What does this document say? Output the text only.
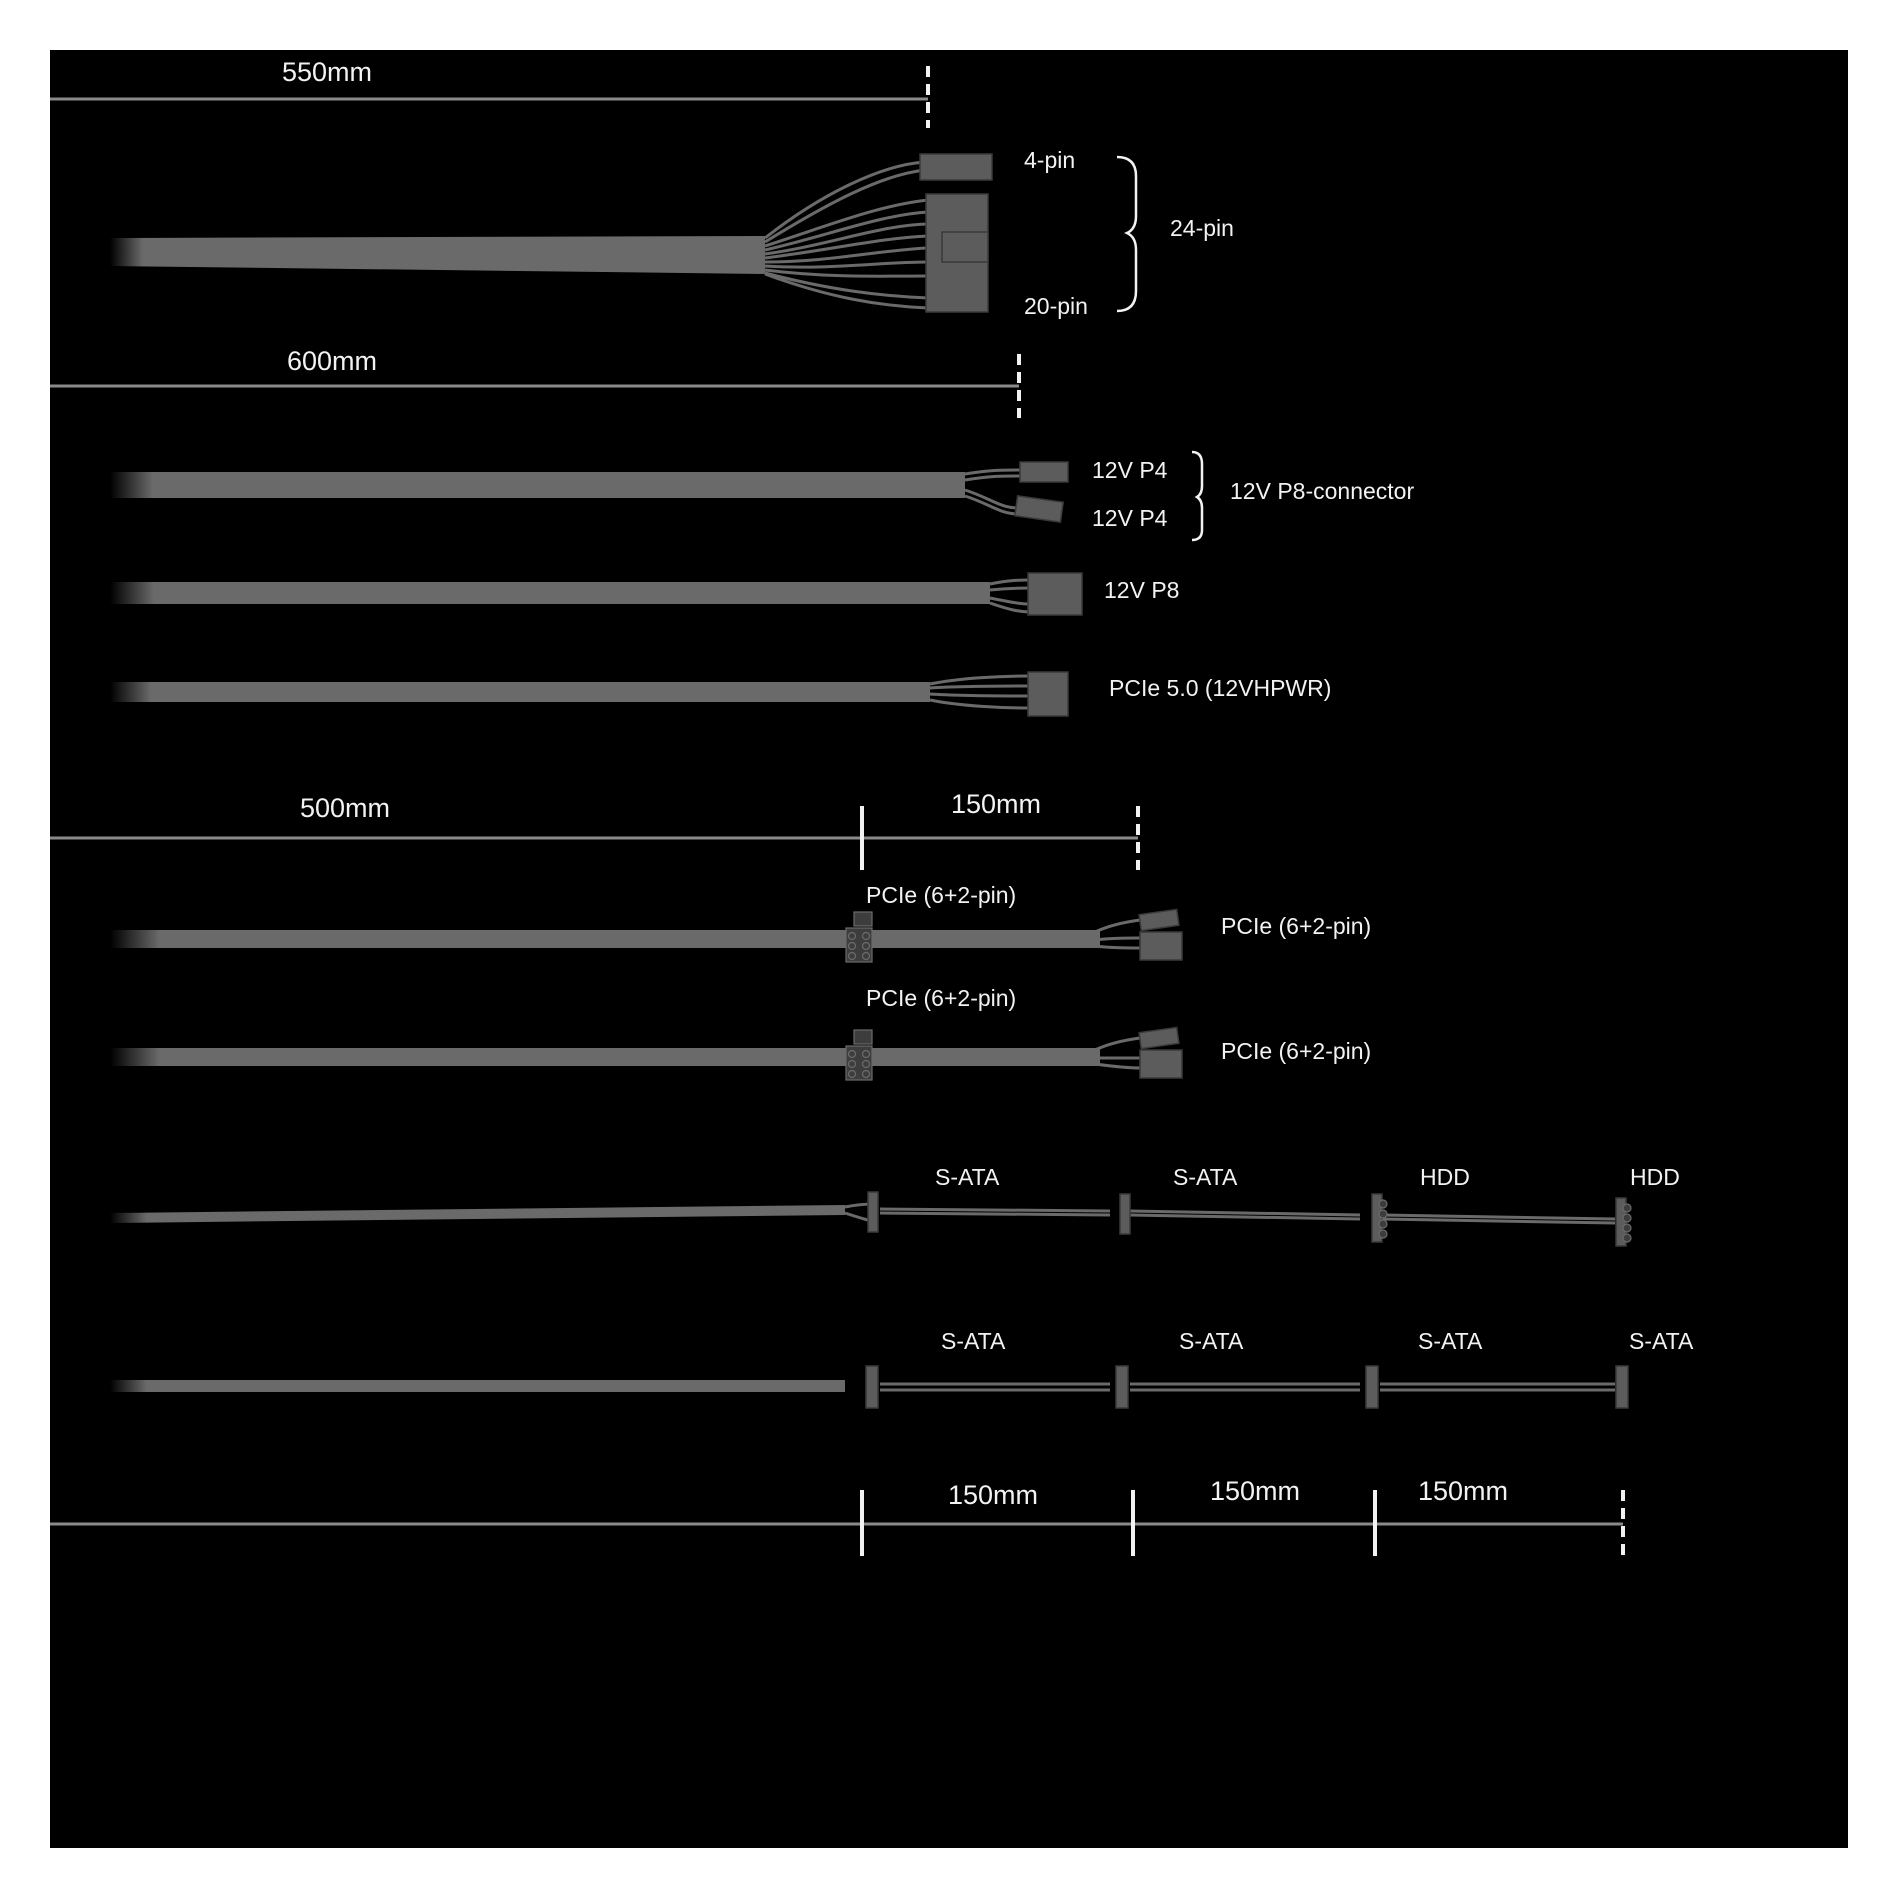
550mm
4-pin
20-pin
24-pin
600mm
12V P4
12V P4
12V P8-connector
12V P8
PCIe 5.0 (12VHPWR)
500mm	150mm
PCIe (6+2-pin)
PCIe (6+2-pin)
PCIe (6+2-pin)
PCIe (6+2-pin)
S-ATA	S-ATA	HDD	HDD
S-ATA	S-ATA	S-ATA	S-ATA
150mm	150mm	150mm
